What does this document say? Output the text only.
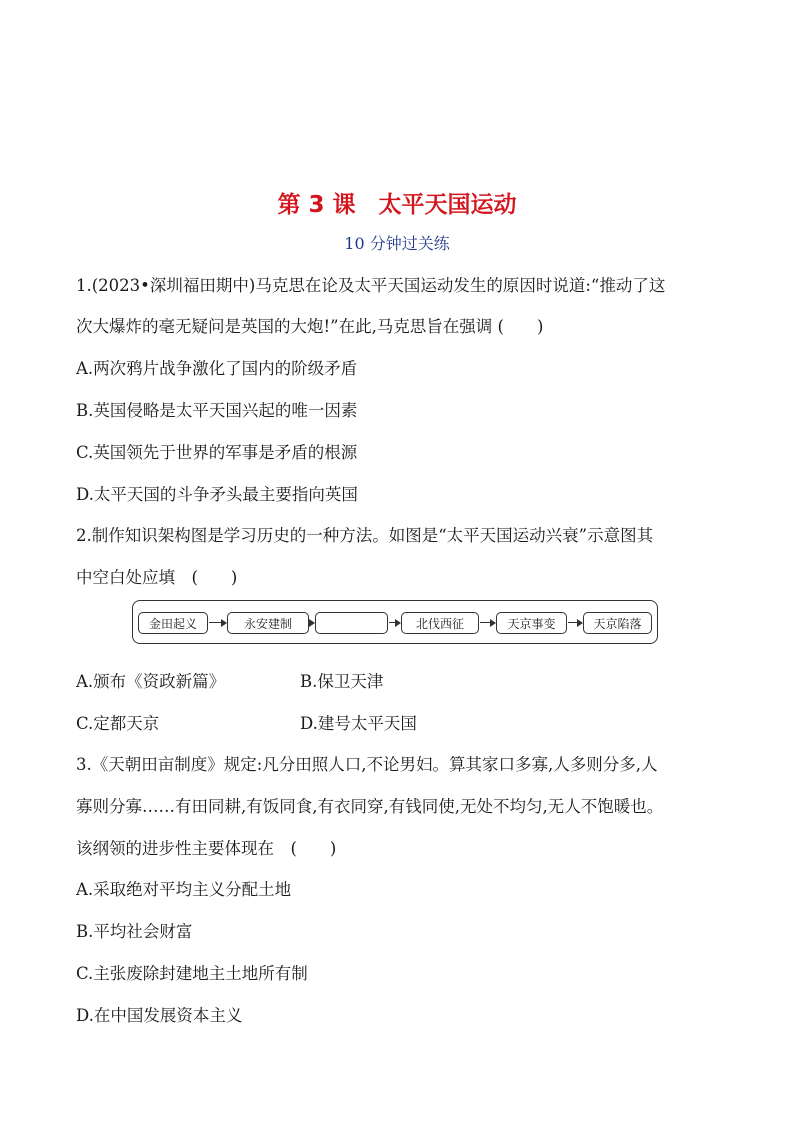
第 3 课　太平天国运动
10 分钟过关练
1.(2023•深圳福田期中)马克思在论及太平天国运动发生的原因时说道:“推动了这
次大爆炸的毫无疑问是英国的大炮!”在此,马克思旨在强调 (　　)
A.两次鸦片战争激化了国内的阶级矛盾
B.英国侵略是太平天国兴起的唯一因素
C.英国领先于世界的军事是矛盾的根源
D.太平天国的斗争矛头最主要指向英国
2.制作知识架构图是学习历史的一种方法。如图是“太平天国运动兴衰”示意图其
中空白处应填　(　　)
金田起义	永安建制	北伐西征	天京事变	天京陷落
A.颁布《资政新篇》	B.保卫天津
C.定都天京	D.建号太平天国
3.《天朝田亩制度》规定:凡分田照人口,不论男妇。算其家口多寡,人多则分多,人
寡则分寡……有田同耕,有饭同食,有衣同穿,有钱同使,无处不均匀,无人不饱暖也。
该纲领的进步性主要体现在　(　　)
A.采取绝对平均主义分配土地
B.平均社会财富
C.主张废除封建地主土地所有制
D.在中国发展资本主义
